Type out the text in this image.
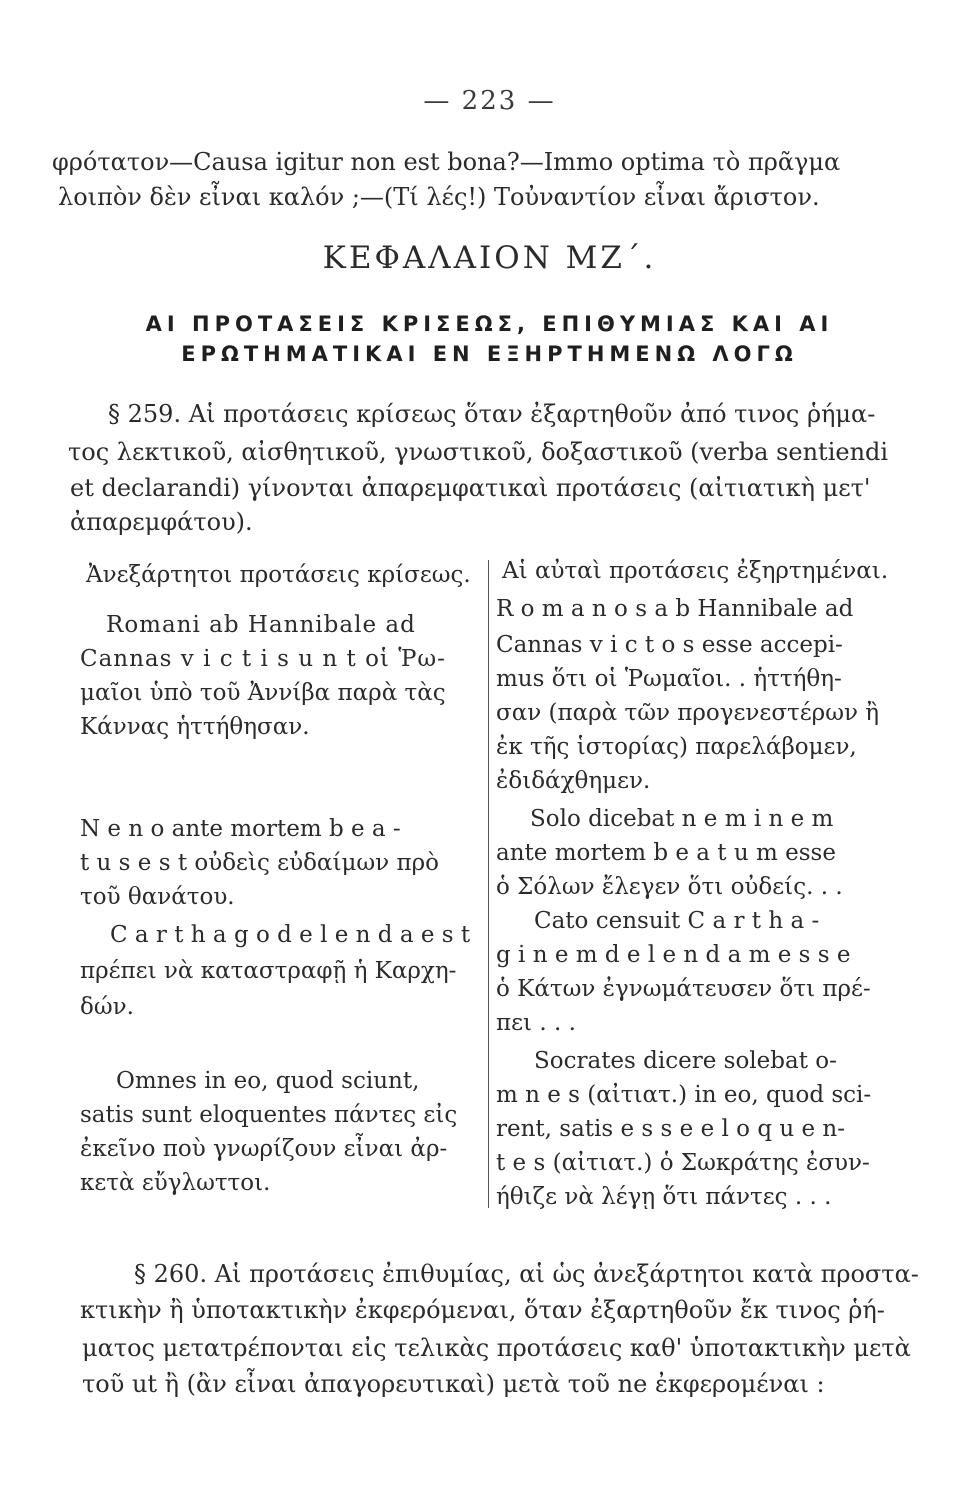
— 223 —
φρότατον—Causa igitur non est bona?—Immo optima τὸ πρᾶγμα
λοιπὸν δὲν εἶναι καλόν ;—(Τί λές!) Τοὐναντίον εἶναι ἄριστον.
ΚΕΦΑΛΑΙΟΝ ΜΖ΄.
ΑΙ ΠΡΟΤΑΣΕΙΣ ΚΡΙΣΕΩΣ, ΕΠΙΘΥΜΙΑΣ ΚΑΙ ΑΙ
ΕΡΩΤΗΜΑΤΙΚΑΙ ΕΝ ΕΞΗΡΤΗΜΕΝΩ ΛΟΓΩ
§ 259. Αἱ προτάσεις κρίσεως ὅταν ἐξαρτηθοῦν ἀπό τινος ῥήμα-
τος λεκτικοῦ, αἰσθητικοῦ, γνωστικοῦ, δοξαστικοῦ (verba sentiendi
et declarandi) γίνονται ἀπαρεμφατικαὶ προτάσεις (αἰτιατικὴ μετ'
ἀπαρεμφάτου).
Ἀνεξάρτητοι προτάσεις κρίσεως.
Romani ab Hannibale ad
Cannas v i c t i s u n t οἱ Ῥω-
μαῖοι ὑπὸ τοῦ Ἀννίβα παρὰ τὰς
Κάννας ἡττήθησαν.
N e n o ante mortem b e a -
t u s e s t οὐδεὶς εὐδαίμων πρὸ
τοῦ θανάτου.
C a r t h a g o d e l e n d a e s t
πρέπει νὰ καταστραφῇ ἡ Καρχη-
δών.
Omnes in eo, quod sciunt,
satis sunt eloquentes πάντες εἰς
ἐκεῖνο ποὺ γνωρίζουν εἶναι ἀρ-
κετὰ εὔγλωττοι.
Αἱ αὐταὶ προτάσεις ἐξηρτημέναι.
R o m a n o s a b Hannibale ad
Cannas v i c t o s esse accepi-
mus ὅτι οἱ Ῥωμαῖοι. . ἡττήθη-
σαν (παρὰ τῶν προγενεστέρων ἢ
ἐκ τῆς ἱστορίας) παρελάβομεν,
ἐδιδάχθημεν.
Solo dicebat n e m i n e m
ante mortem b e a t u m esse
ὁ Σόλων ἔλεγεν ὅτι οὐδείς. . .
Cato censuit C a r t h a -
g i n e m d e l e n d a m e s s e
ὁ Κάτων ἐγνωμάτευσεν ὅτι πρέ-
πει . . .
Socrates dicere solebat o-
m n e s (αἰτιατ.) in eo, quod sci-
rent, satis e s s e e l o q u e n-
t e s (αἰτιατ.) ὁ Σωκράτης ἐσυν-
ήθιζε νὰ λέγῃ ὅτι πάντες . . .
§ 260. Αἱ προτάσεις ἐπιθυμίας, αἱ ὡς ἀνεξάρτητοι κατὰ προστα-
κτικὴν ἢ ὑποτακτικὴν ἐκφερόμεναι, ὅταν ἐξαρτηθοῦν ἔκ τινος ῥή-
ματος μετατρέπονται εἰς τελικὰς προτάσεις καθ' ὑποτακτικὴν μετὰ
τοῦ ut ἢ (ἂν εἶναι ἀπαγορευτικαὶ) μετὰ τοῦ ne ἐκφερομέναι :
